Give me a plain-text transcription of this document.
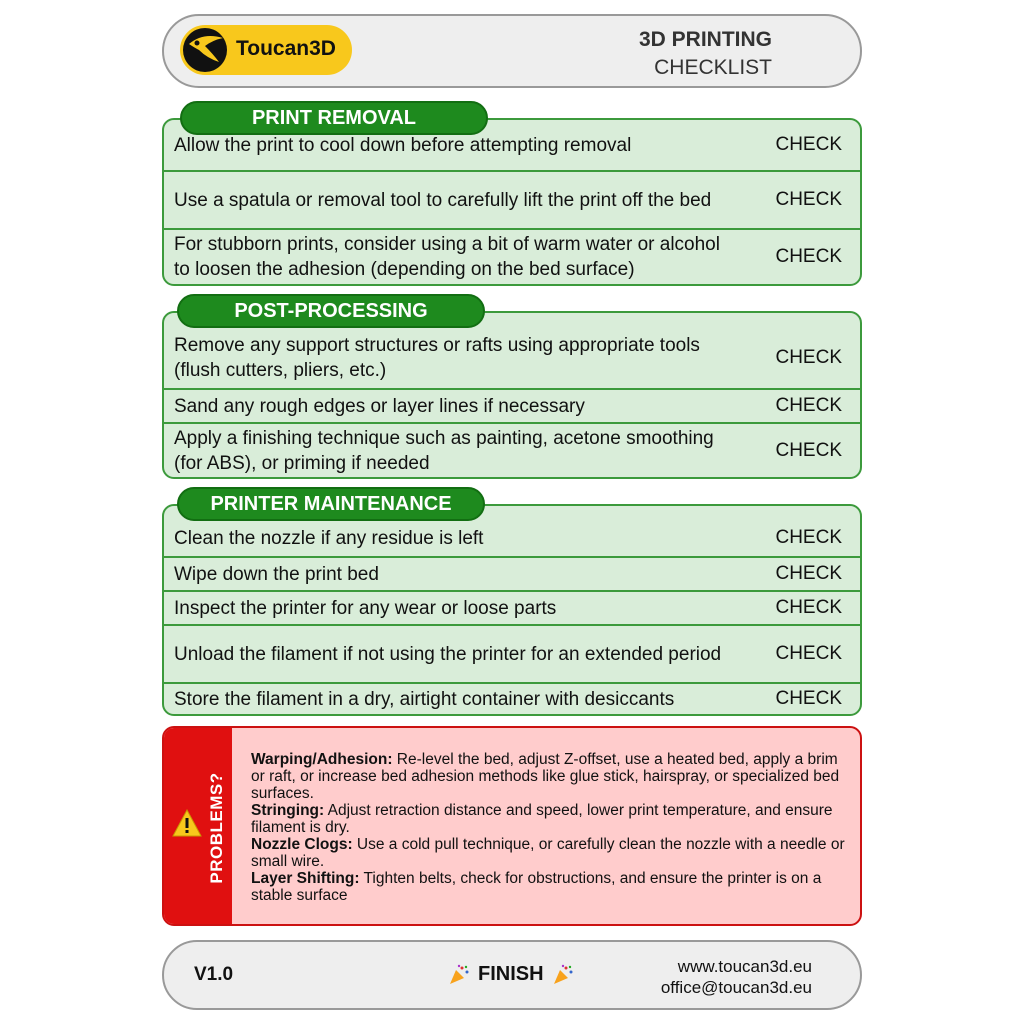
Toucan3D	3D PRINTING
CHECKLIST
PRINT REMOVAL
Allow the print to cool down before attempting removal	CHECK
Use a spatula or removal tool to carefully lift the print off the bed	CHECK
For stubborn prints, consider using a bit of warm water or alcohol to loosen the adhesion (depending on the bed surface)
CHECK
POST-PROCESSING
Remove any support structures or rafts using appropriate tools (flush cutters, pliers, etc.)
CHECK
Sand any rough edges or layer lines if necessary	CHECK
Apply a finishing technique such as painting, acetone smoothing (for ABS), or priming if needed
CHECK
PRINTER MAINTENANCE
Clean the nozzle if any residue is left	CHECK
Wipe down the print bed	CHECK
Inspect the printer for any wear or loose parts	CHECK
Unload the filament if not using the printer for an extended period	CHECK
Store the filament in a dry, airtight container with desiccants	CHECK
PROBLEMS?
Warping/Adhesion: Re-level the bed, adjust Z-offset, use a heated bed, apply a brim or raft, or increase bed adhesion methods like glue stick, hairspray, or specialized bed surfaces.
Stringing: Adjust retraction distance and speed, lower print temperature, and ensure filament is dry.
Nozzle Clogs: Use a cold pull technique, or carefully clean the nozzle with a needle or small wire.
Layer Shifting: Tighten belts, check for obstructions, and ensure the printer is on a stable surface
V1.0	FINISH	www.toucan3d.eu
office@toucan3d.eu
